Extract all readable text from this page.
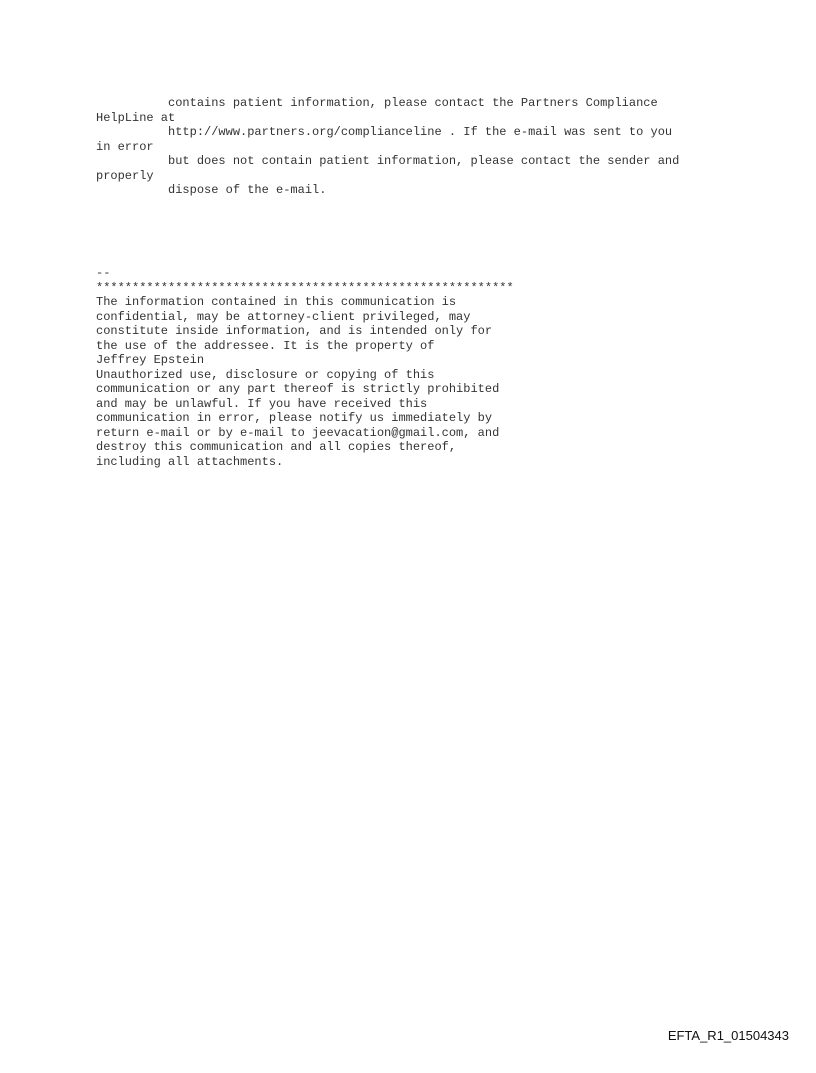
contains patient information, please contact the Partners Compliance
HelpLine at
http://www.partners.org/complianceline . If the e-mail was sent to you
in error
but does not contain patient information, please contact the sender and
properly
dispose of the e-mail.
--
**********************************************************
The information contained in this communication is
confidential, may be attorney-client privileged, may
constitute inside information, and is intended only for
the use of the addressee. It is the property of
Jeffrey Epstein
Unauthorized use, disclosure or copying of this
communication or any part thereof is strictly prohibited
and may be unlawful. If you have received this
communication in error, please notify us immediately by
return e-mail or by e-mail to jeevacation@gmail.com, and
destroy this communication and all copies thereof,
including all attachments.
EFTA_R1_01504343
